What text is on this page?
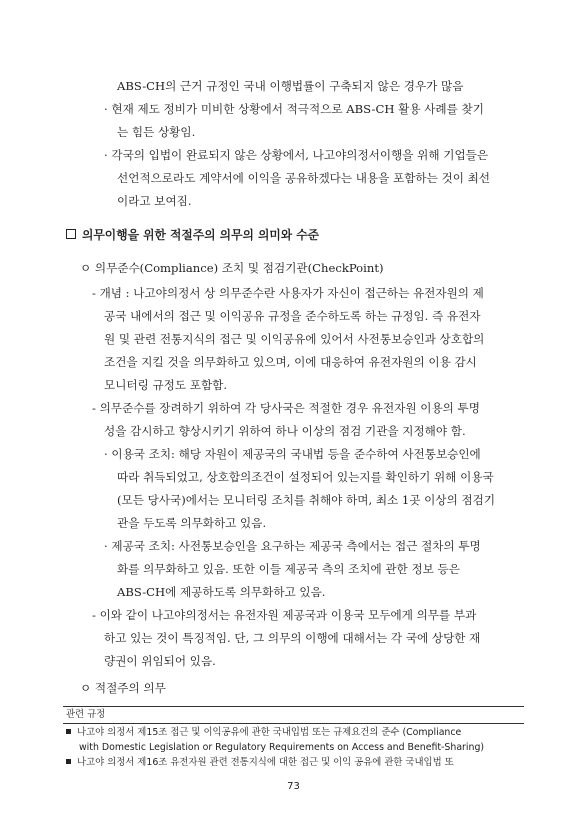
ABS-CH의 근거 규정인 국내 이행법률이 구축되지 않은 경우가 많음
· 현재 제도 정비가 미비한 상황에서 적극적으로 ABS-CH 활용 사례를 찾기
는 힘든 상황임.
· 각국의 입법이 완료되지 않은 상황에서, 나고야의정서이행을 위해 기업들은
선언적으로라도 계약서에 이익을 공유하겠다는 내용을 포함하는 것이 최선
이라고 보여짐.
의무이행을 위한 적절주의 의무의 의미와 수준
ㅇ 의무준수(Compliance) 조치 및 점검기관(CheckPoint)
- 개념 : 나고야의정서 상 의무준수란 사용자가 자신이 접근하는 유전자원의 제
공국 내에서의 접근 및 이익공유 규정을 준수하도록 하는 규정임. 즉 유전자
원 및 관련 전통지식의 접근 및 이익공유에 있어서 사전통보승인과 상호합의
조건을 지킬 것을 의무화하고 있으며, 이에 대응하여 유전자원의 이용 감시
모니터링 규정도 포함함.
- 의무준수를 장려하기 위하여 각 당사국은 적절한 경우 유전자원 이용의 투명
성을 감시하고 향상시키기 위하여 하나 이상의 점검 기관을 지정해야 함.
· 이용국 조치: 해당 자원이 제공국의 국내법 등을 준수하여 사전통보승인에
따라 취득되었고, 상호합의조건이 설정되어 있는지를 확인하기 위해 이용국
(모든 당사국)에서는 모니터링 조치를 취해야 하며, 최소 1곳 이상의 점검기
관을 두도록 의무화하고 있음.
· 제공국 조치: 사전통보승인을 요구하는 제공국 측에서는 접근 절차의 투명
화를 의무화하고 있음. 또한 이들 제공국 측의 조치에 관한 정보 등은
ABS-CH에 제공하도록 의무화하고 있음.
- 이와 같이 나고야의정서는 유전자원 제공국과 이용국 모두에게 의무를 부과
하고 있는 것이 특징적임. 단, 그 의무의 이행에 대해서는 각 국에 상당한 재
량권이 위임되어 있음.
ㅇ 적절주의 의무
관련 규정
나고야 의정서 제15조 접근 및 이익공유에 관한 국내입법 또는 규제요건의 준수 (Compliance
with Domestic Legislation or Regulatory Requirements on Access and Benefit-Sharing)
나고야 의정서 제16조 유전자원 관련 전통지식에 대한 접근 및 이익 공유에 관한 국내입법 또
73
